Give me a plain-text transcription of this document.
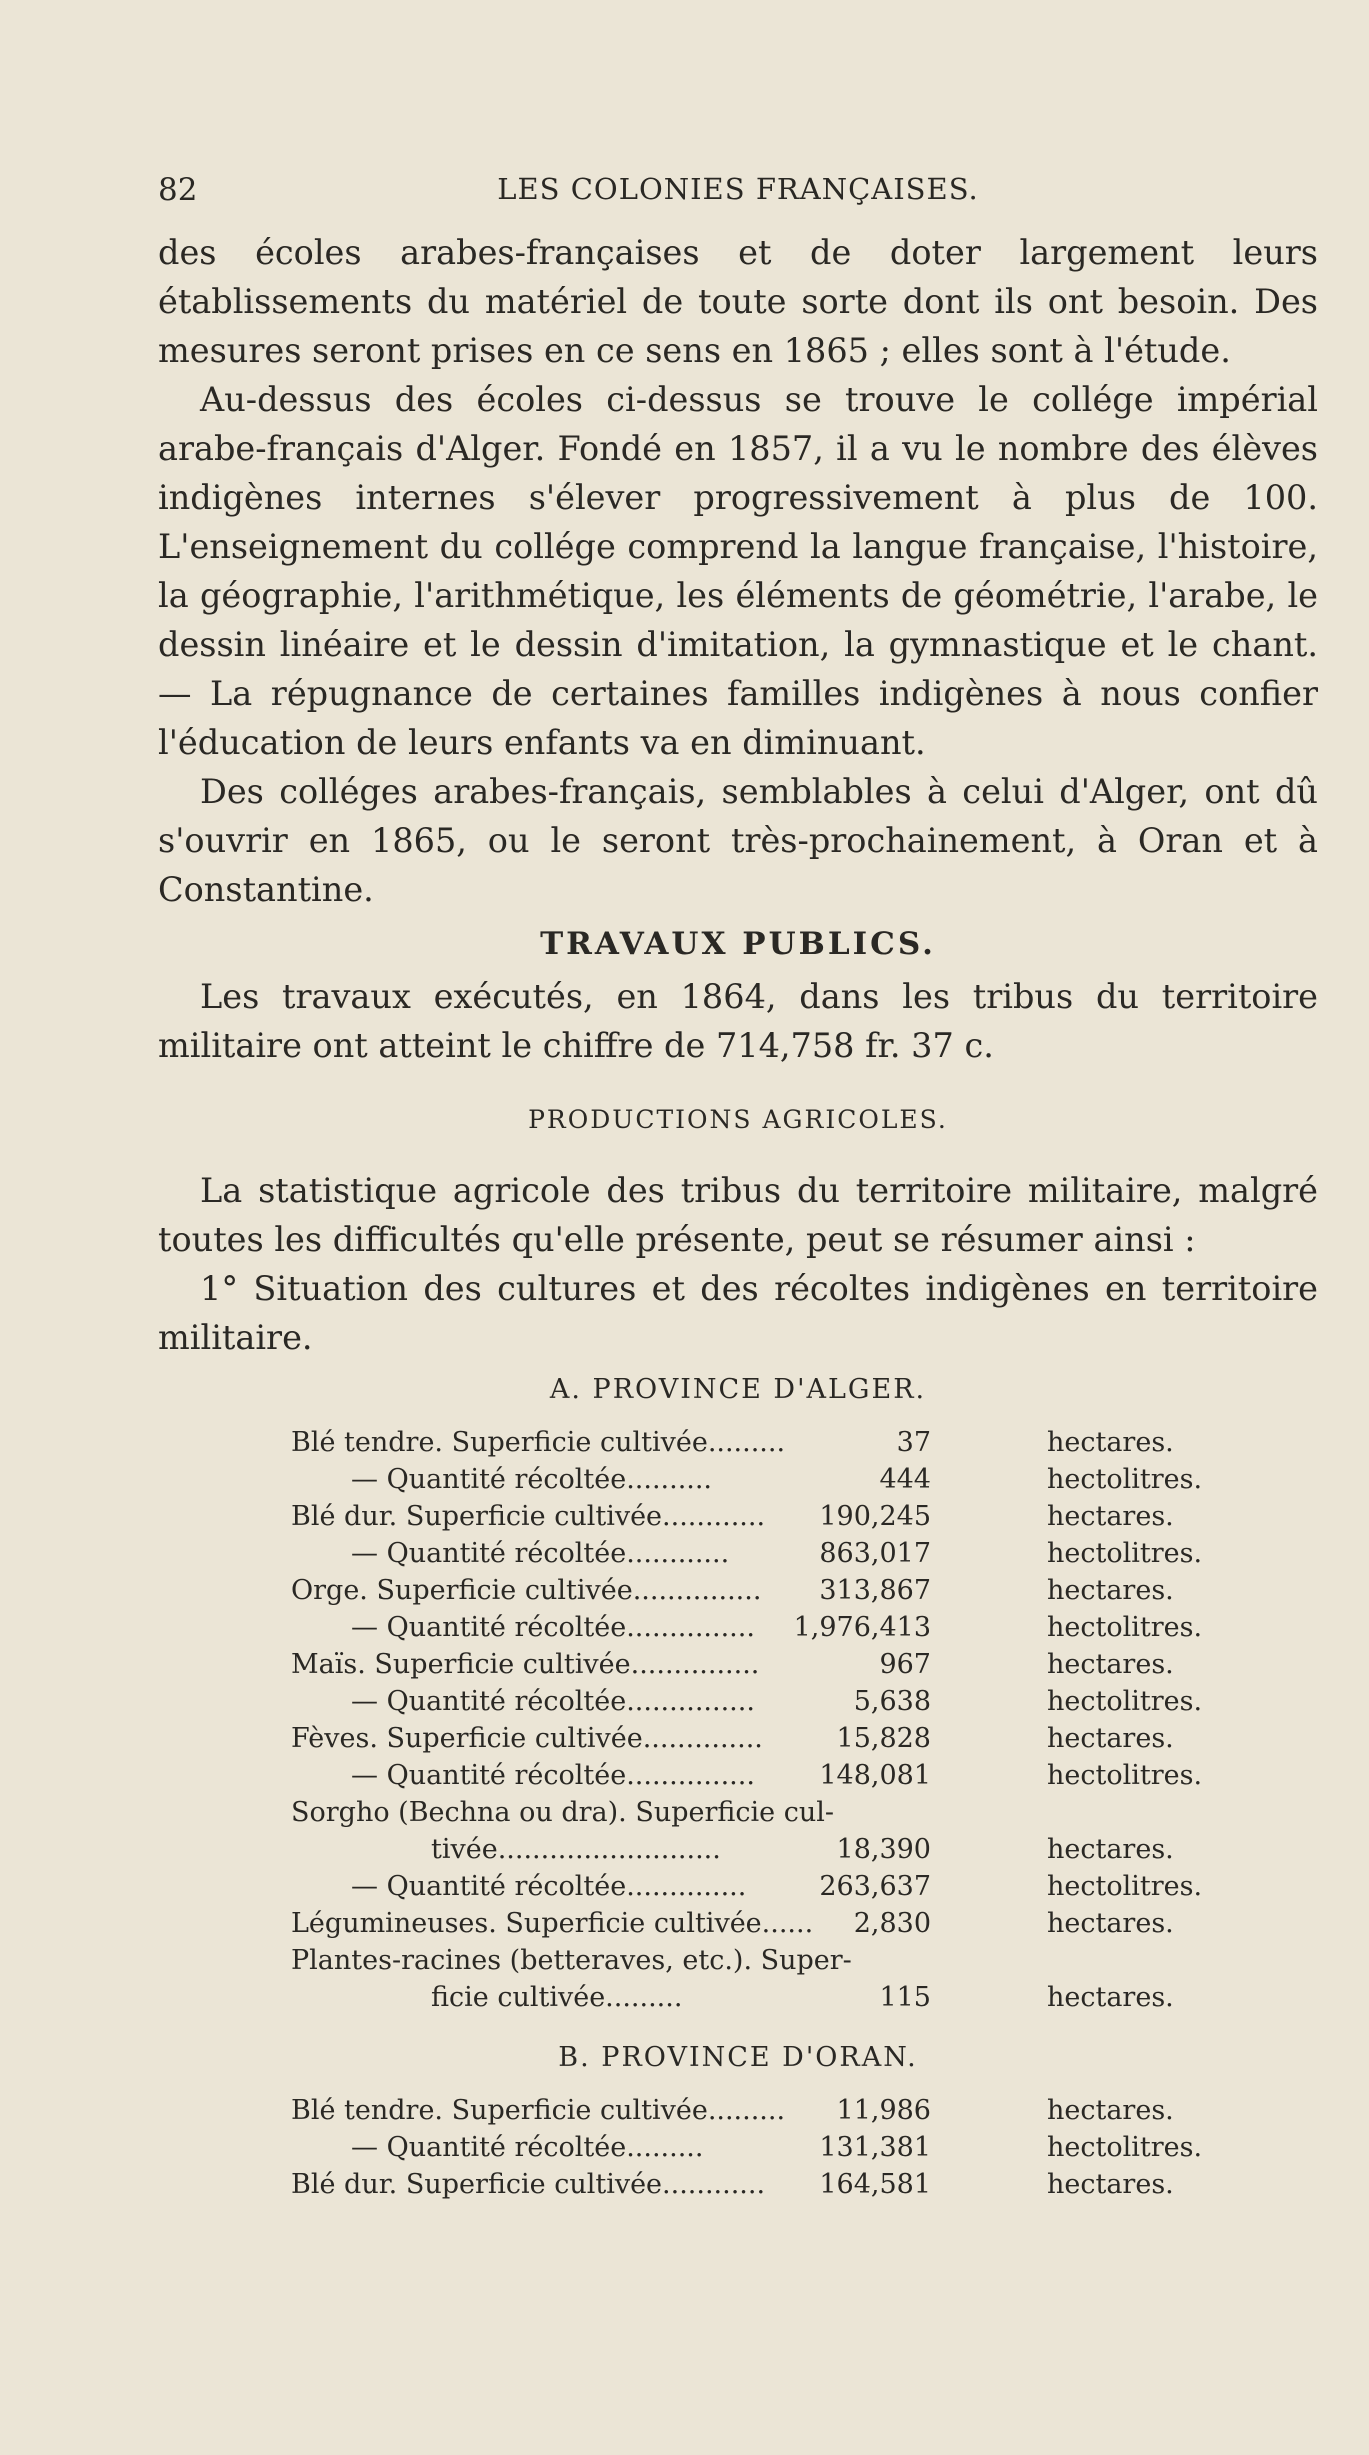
82	LES COLONIES FRANÇAISES.

des écoles arabes-françaises et de doter largement leurs établissements du matériel de toute sorte dont ils ont besoin. Des mesures seront prises en ce sens en 1865 ; elles sont à l'étude.

Au-dessus des écoles ci-dessus se trouve le collége impérial arabe-français d'Alger. Fondé en 1857, il a vu le nombre des élèves indigènes internes s'élever progressivement à plus de 100. L'enseignement du collége comprend la langue française, l'histoire, la géographie, l'arithmétique, les éléments de géométrie, l'arabe, le dessin linéaire et le dessin d'imitation, la gymnastique et le chant. — La répugnance de certaines familles indigènes à nous confier l'éducation de leurs enfants va en diminuant.

Des colléges arabes-français, semblables à celui d'Alger, ont dû s'ouvrir en 1865, ou le seront très-prochainement, à Oran et à Constantine.

TRAVAUX PUBLICS.

Les travaux exécutés, en 1864, dans les tribus du territoire militaire ont atteint le chiffre de 714,758 fr. 37 c.

PRODUCTIONS AGRICOLES.

La statistique agricole des tribus du territoire militaire, malgré toutes les difficultés qu'elle présente, peut se résumer ainsi :

1° Situation des cultures et des récoltes indigènes en territoire militaire.

A. PROVINCE D'ALGER.
Blé tendre. Superficie cultivée.........	37	hectares.
— Quantité récoltée..........	444	hectolitres.
Blé dur. Superficie cultivée............	190,245	hectares.
— Quantité récoltée............	863,017	hectolitres.
Orge. Superficie cultivée...............	313,867	hectares.
— Quantité récoltée...............	1,976,413	hectolitres.
Maïs. Superficie cultivée...............	967	hectares.
— Quantité récoltée...............	5,638	hectolitres.
Fèves. Superficie cultivée..............	15,828	hectares.
— Quantité récoltée...............	148,081	hectolitres.
Sorgho (Bechna ou dra). Superficie cul-
tivée..........................	18,390	hectares.
— Quantité récoltée..............	263,637	hectolitres.
Légumineuses. Superficie cultivée......	2,830	hectares.
Plantes-racines (betteraves, etc.). Super-
ficie cultivée.........	115	hectares.
B. PROVINCE D'ORAN.
Blé tendre. Superficie cultivée.........	11,986	hectares.
— Quantité récoltée.........	131,381	hectolitres.
Blé dur. Superficie cultivée............	164,581	hectares.
